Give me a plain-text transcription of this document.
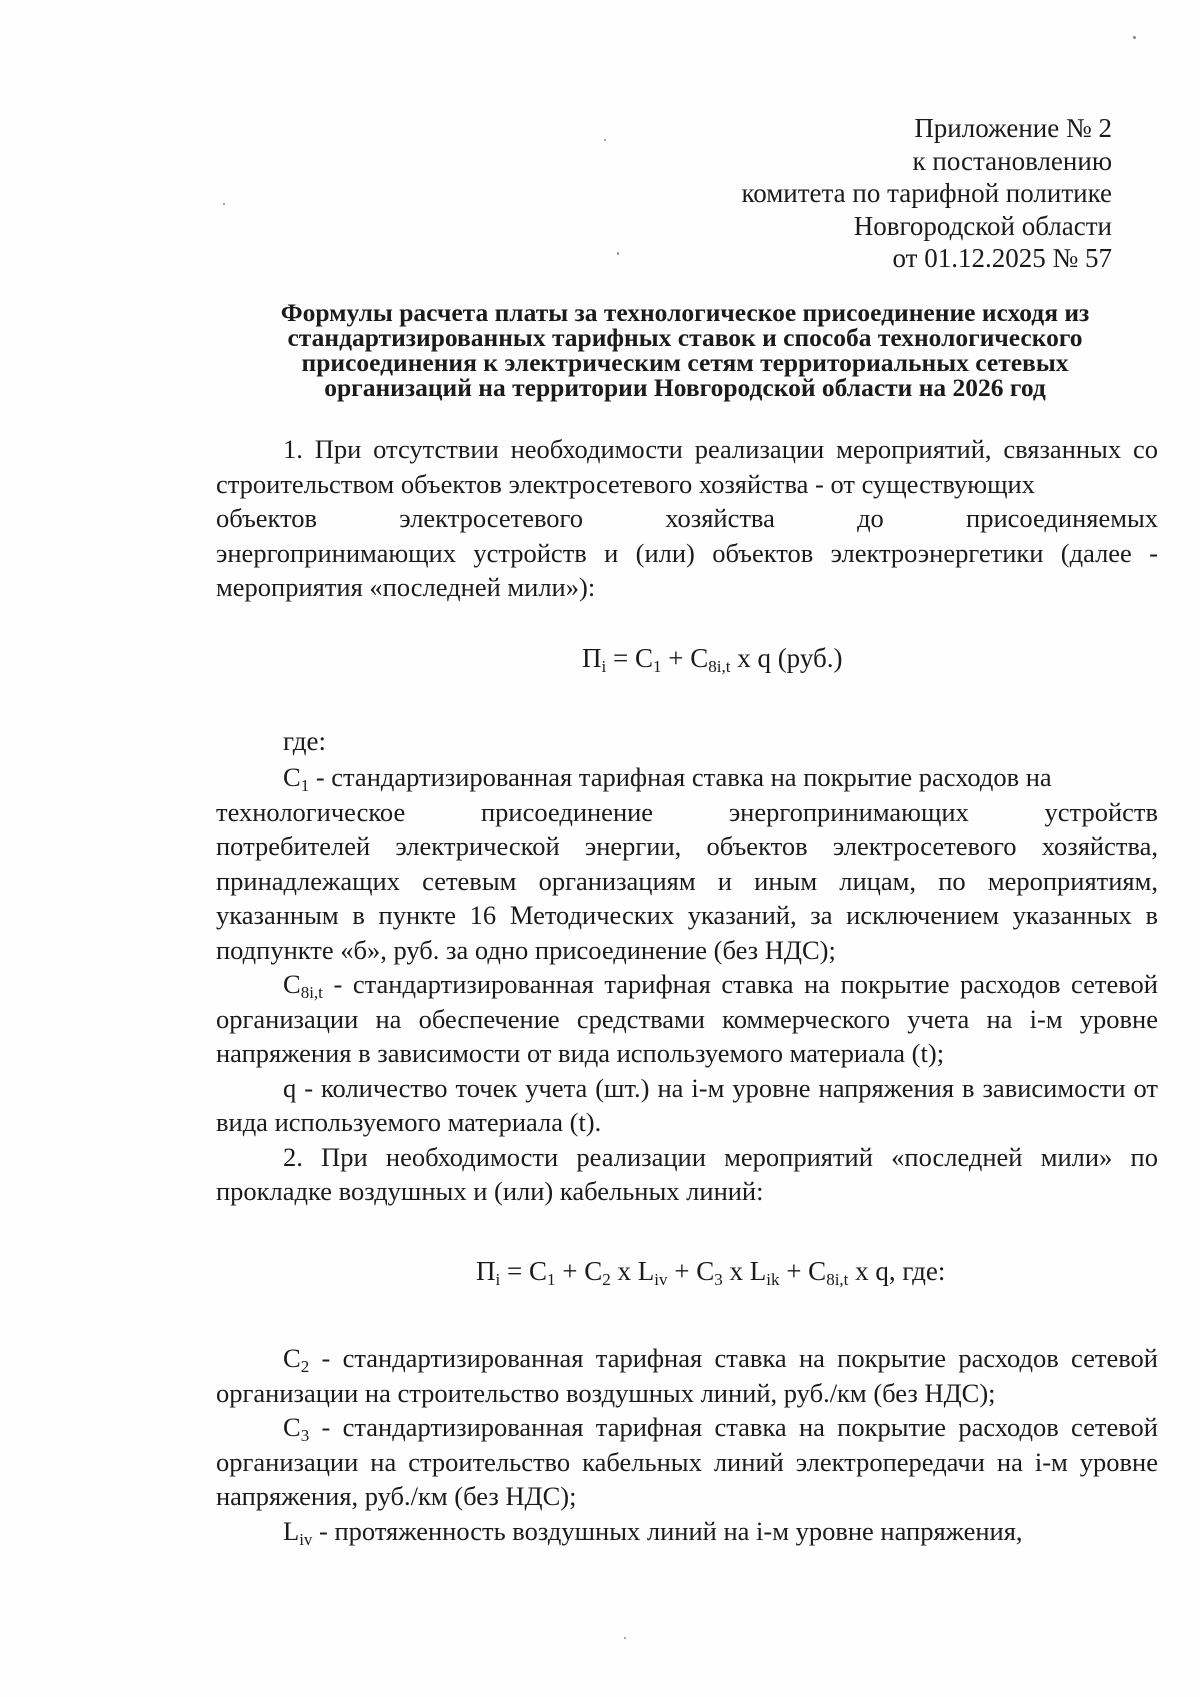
Приложение № 2
к постановлению
комитета по тарифной политике
Новгородской области
от 01.12.2025 № 57
Формулы расчета платы за технологическое присоединение исходя из
стандартизированных тарифных ставок и способа технологического
присоединения к электрическим сетям территориальных сетевых
организаций на территории Новгородской области на 2026 год
1. При отсутствии необходимости реализации мероприятий, связанных со строительством объектов электросетевого хозяйства - от существующих
объектов	электросетевого	хозяйства	до	присоединяемых
энергопринимающих устройств и (или) объектов электроэнергетики (далее - мероприятия «последней мили»):
$П_i = С_1 + С_{8i,t}$ х q (руб.)
где:
$С_1$ - стандартизированная тарифная ставка на покрытие расходов на
технологическое	присоединение	энергопринимающих	устройств
потребителей электрической энергии, объектов электросетевого хозяйства, принадлежащих сетевым организациям и иным лицам, по мероприятиям, указанным в пункте 16 Методических указаний, за исключением указанных в подпункте «б», руб. за одно присоединение (без НДС);
$С_{8i,t}$ - стандартизированная тарифная ставка на покрытие расходов сетевой организации на обеспечение средствами коммерческого учета на i-м уровне напряжения в зависимости от вида используемого материала (t);
q - количество точек учета (шт.) на i-м уровне напряжения в зависимости от вида используемого материала (t).
2. При необходимости реализации мероприятий «последней мили» по прокладке воздушных и (или) кабельных линий:
$П_i = С_1 + С_2$ х $L_{iv} + С_3$ х $L_{ik} + С_{8i,t}$ х q, где:
$С_2$ - стандартизированная тарифная ставка на покрытие расходов сетевой организации на строительство воздушных линий, руб./км (без НДС);
$С_3$ - стандартизированная тарифная ставка на покрытие расходов сетевой организации на строительство кабельных линий электропередачи на i-м уровне напряжения, руб./км (без НДС);
$L_{iv}$ - протяженность воздушных линий на i-м уровне напряжения,
